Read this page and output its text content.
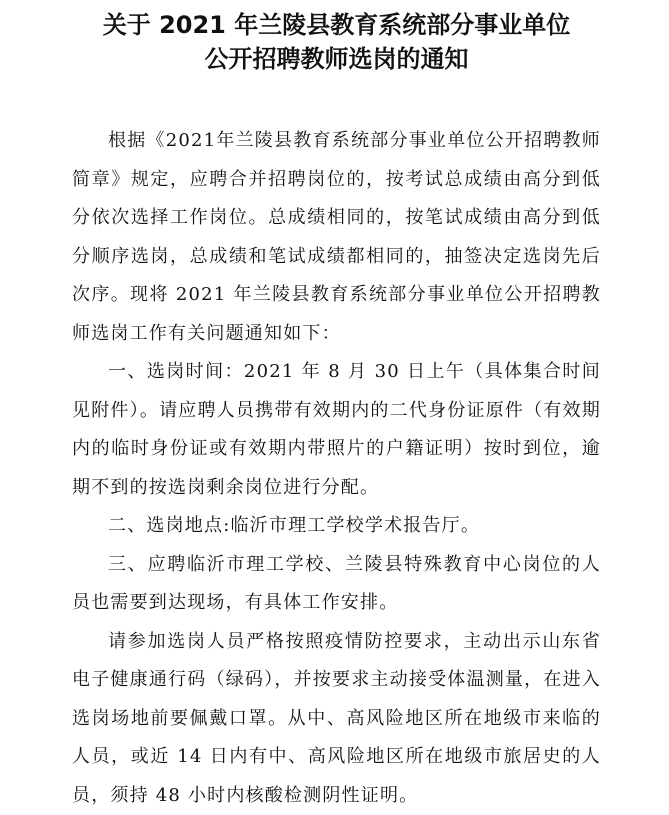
关于 2021 年兰陵县教育系统部分事业单位
公开招聘教师选岗的通知

根据《2021年兰陵县教育系统部分事业单位公开招聘教师简章》规定，应聘合并招聘岗位的，按考试总成绩由高分到低分依次选择工作岗位。总成绩相同的，按笔试成绩由高分到低分顺序选岗，总成绩和笔试成绩都相同的，抽签决定选岗先后次序。现将 2021 年兰陵县教育系统部分事业单位公开招聘教师选岗工作有关问题通知如下：

一、选岗时间：2021 年 8 月 30 日上午（具体集合时间见附件）。请应聘人员携带有效期内的二代身份证原件（有效期内的临时身份证或有效期内带照片的户籍证明）按时到位，逾期不到的按选岗剩余岗位进行分配。

二、选岗地点:临沂市理工学校学术报告厅。

三、应聘临沂市理工学校、兰陵县特殊教育中心岗位的人员也需要到达现场，有具体工作安排。

请参加选岗人员严格按照疫情防控要求，主动出示山东省电子健康通行码（绿码），并按要求主动接受体温测量，在进入选岗场地前要佩戴口罩。从中、高风险地区所在地级市来临的人员，或近 14 日内有中、高风险地区所在地级市旅居史的人员，须持 48 小时内核酸检测阴性证明。
